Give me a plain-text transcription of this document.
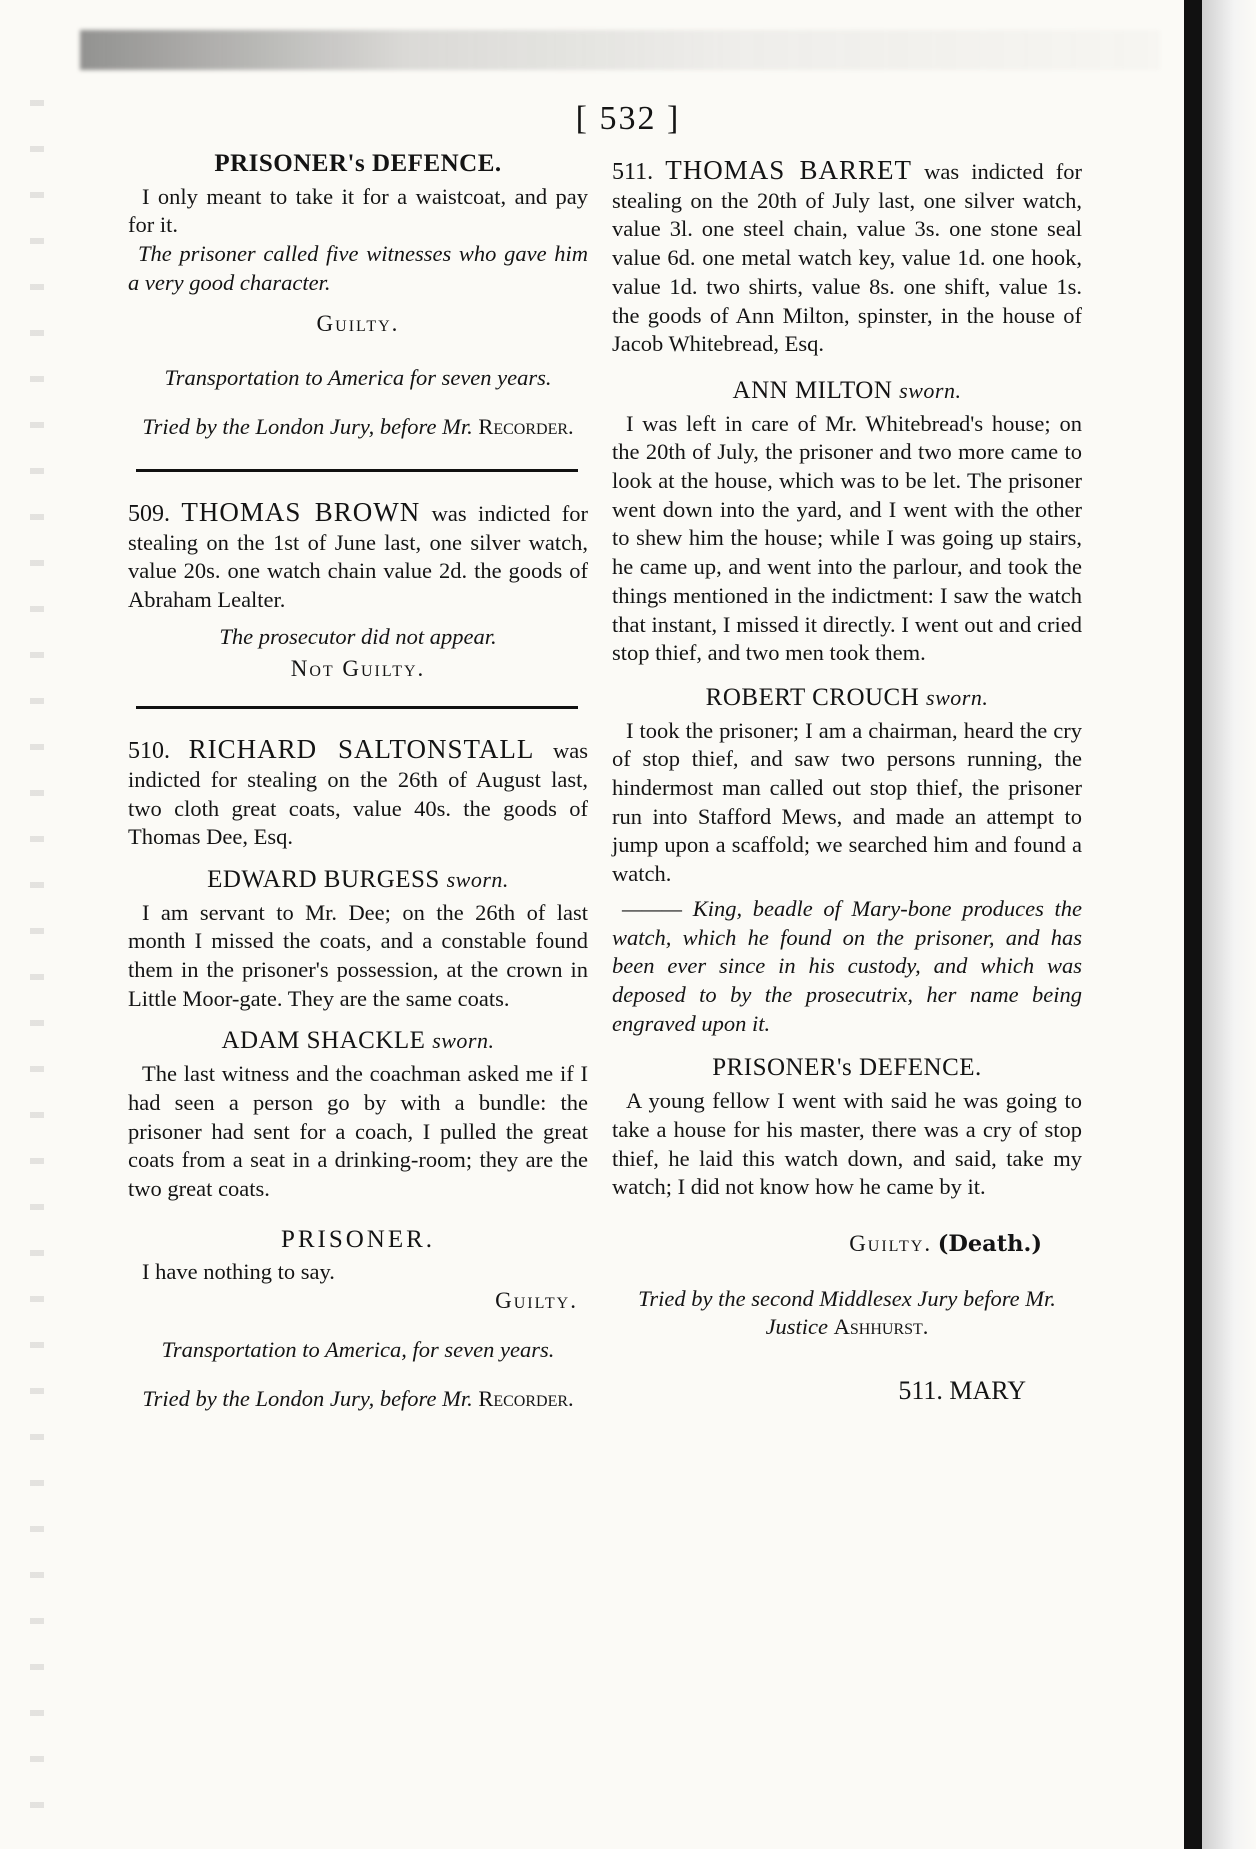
[ 532 ]
PRISONER's DEFENCE.

I only meant to take it for a waistcoat, and pay for it.

The prisoner called five witnesses who gave him a very good character.

Guilty.
Transportation to America for seven years.
Tried by the London Jury, before Mr. Recorder.

509. THOMAS BROWN was indicted for stealing on the 1st of June last, one silver watch, value 20s. one watch chain value 2d. the goods of Abraham Lealter.

The prosecutor did not appear.
Not Guilty.

510. RICHARD SALTONSTALL was indicted for stealing on the 26th of August last, two cloth great coats, value 40s. the goods of Thomas Dee, Esq.

EDWARD BURGESS sworn.

I am servant to Mr. Dee; on the 26th of last month I missed the coats, and a constable found them in the prisoner's possession, at the crown in Little Moor-gate. They are the same coats.

ADAM SHACKLE sworn.

The last witness and the coachman asked me if I had seen a person go by with a bundle: the prisoner had sent for a coach, I pulled the great coats from a seat in a drinking-room; they are the two great coats.

PRISONER.

I have nothing to say.

Guilty.
Transportation to America, for seven years.
Tried by the London Jury, before Mr. Recorder.

511. THOMAS BARRET was indicted for stealing on the 20th of July last, one silver watch, value 3l. one steel chain, value 3s. one stone seal value 6d. one metal watch key, value 1d. one hook, value 1d. two shirts, value 8s. one shift, value 1s. the goods of Ann Milton, spinster, in the house of Jacob Whitebread, Esq.

ANN MILTON sworn.

I was left in care of Mr. Whitebread's house; on the 20th of July, the prisoner and two more came to look at the house, which was to be let. The prisoner went down into the yard, and I went with the other to shew him the house; while I was going up stairs, he came up, and went into the parlour, and took the things mentioned in the indictment: I saw the watch that instant, I missed it directly. I went out and cried stop thief, and two men took them.

ROBERT CROUCH sworn.

I took the prisoner; I am a chairman, heard the cry of stop thief, and saw two persons running, the hindermost man called out stop thief, the prisoner run into Stafford Mews, and made an attempt to jump upon a scaffold; we searched him and found a watch.

——— King, beadle of Mary-bone produces the watch, which he found on the prisoner, and has been ever since in his custody, and which was deposed to by the prosecutrix, her name being engraved upon it.

PRISONER's DEFENCE.

A young fellow I went with said he was going to take a house for his master, there was a cry of stop thief, he laid this watch down, and said, take my watch; I did not know how he came by it.

Guilty. (Death.)
Tried by the second Middlesex Jury before Mr. Justice Ashhurst.
511. MARY
